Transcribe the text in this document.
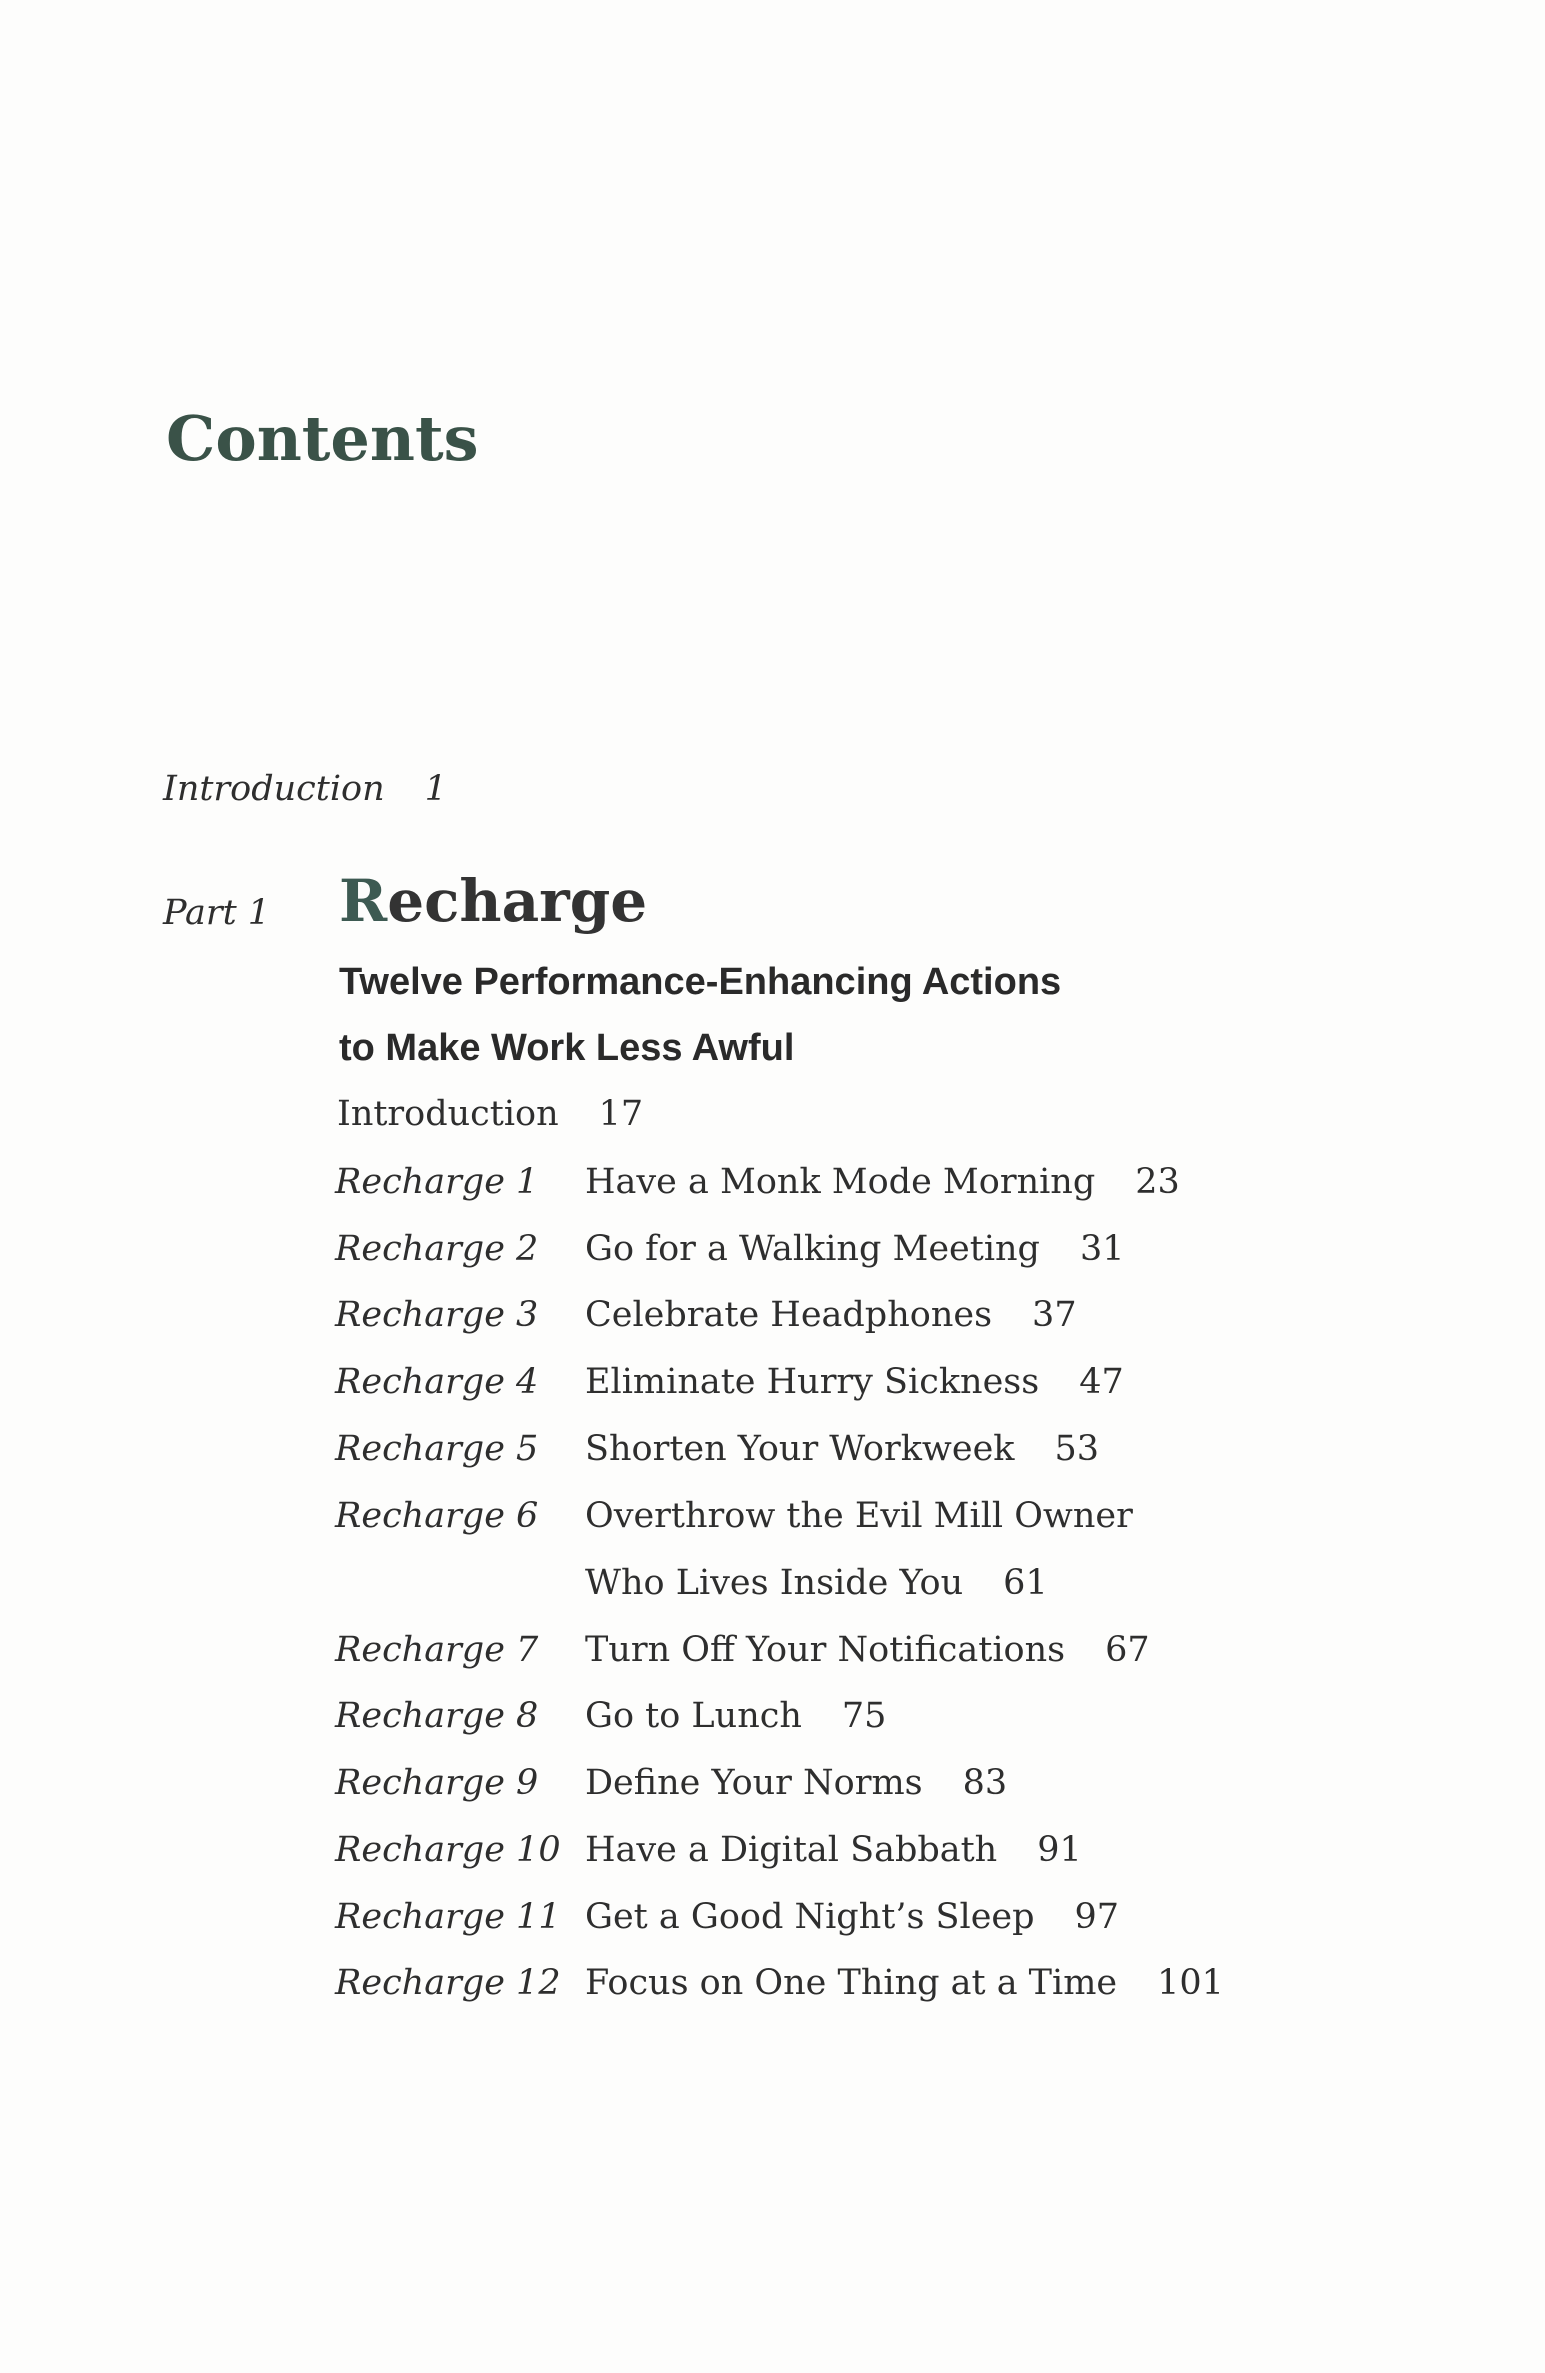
Contents
Introduction 1
Part 1 Recharge
Twelve Performance-Enhancing Actions
to Make Work Less Awful
Introduction 17
Recharge 1 Have a Monk Mode Morning 23
Recharge 2 Go for a Walking Meeting 31
Recharge 3 Celebrate Headphones 37
Recharge 4 Eliminate Hurry Sickness 47
Recharge 5 Shorten Your Workweek 53
Recharge 6 Overthrow the Evil Mill Owner
Who Lives Inside You 61
Recharge 7 Turn Off Your Notifications 67
Recharge 8 Go to Lunch 75
Recharge 9 Define Your Norms 83
Recharge 10 Have a Digital Sabbath 91
Recharge 11 Get a Good Night’s Sleep 97
Recharge 12 Focus on One Thing at a Time 101
